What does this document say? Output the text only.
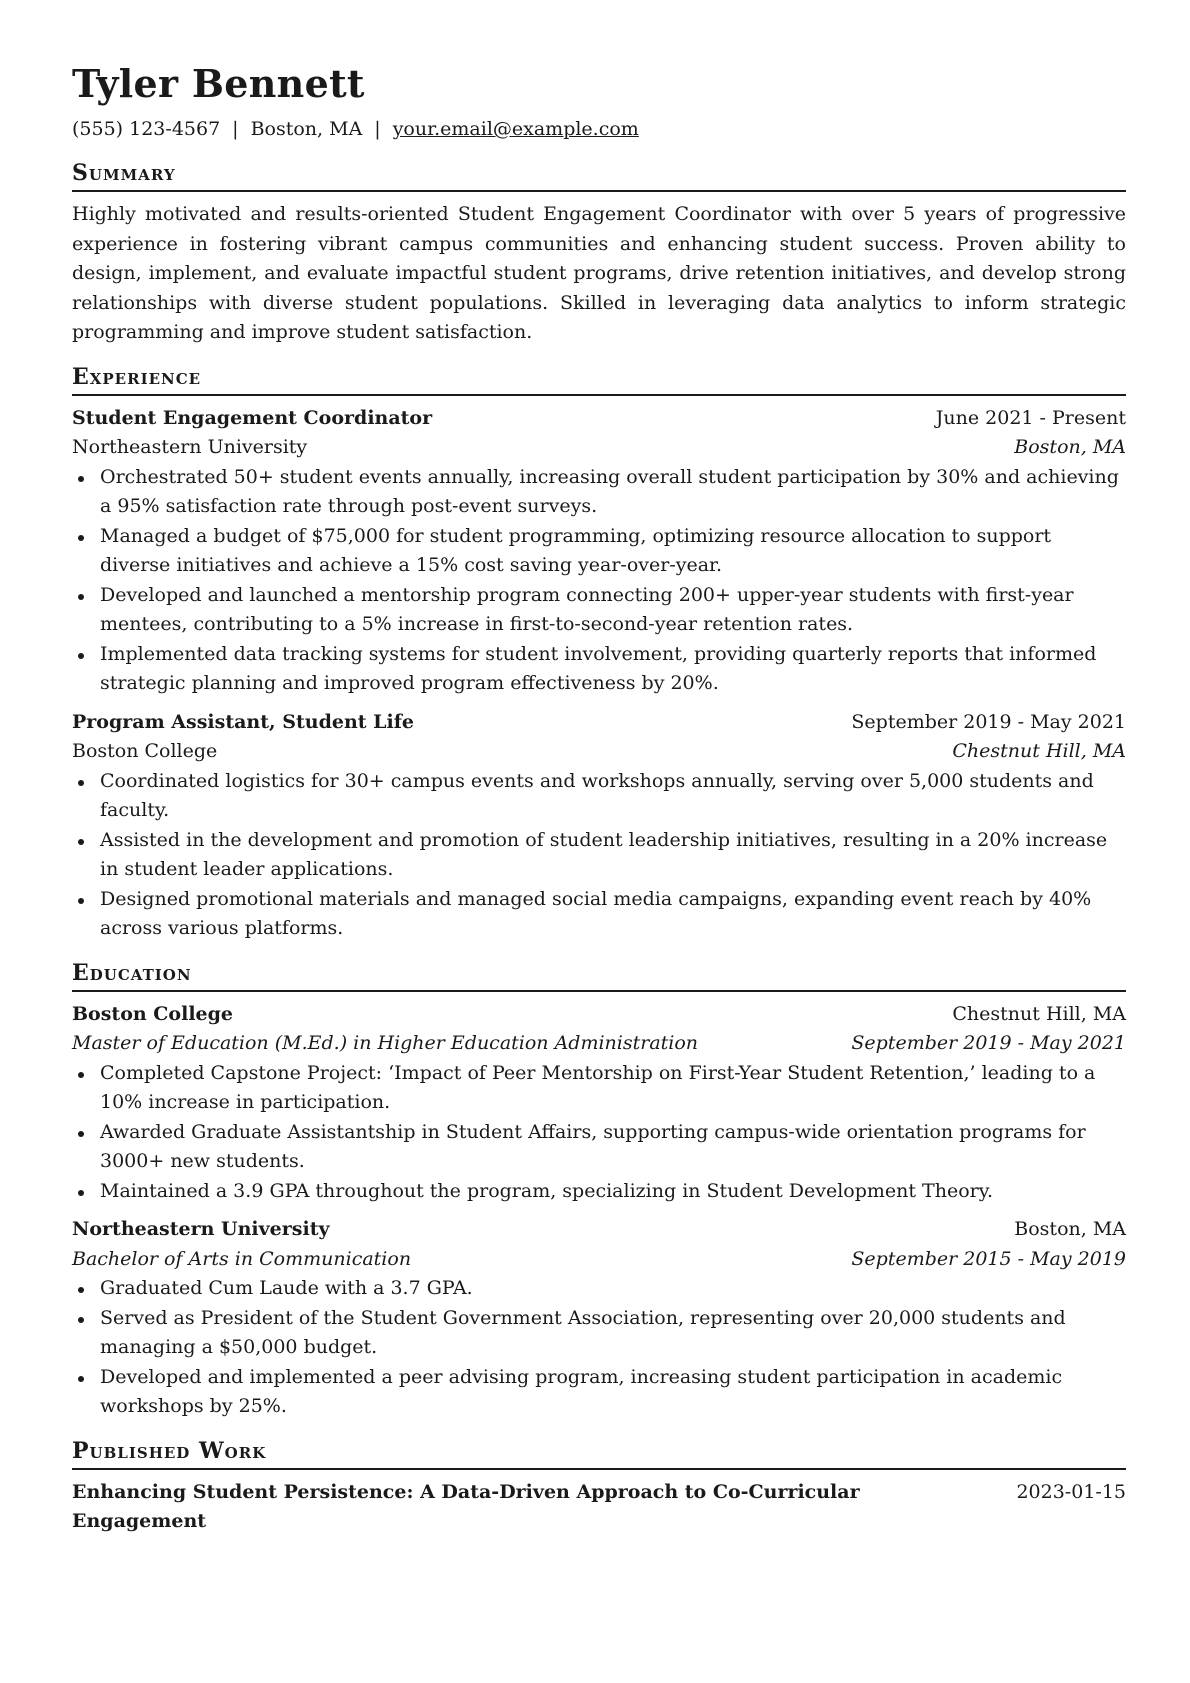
Tyler Bennett
(555) 123-4567 | Boston, MA | your.email@example.com
Summary

Highly motivated and results-oriented Student Engagement Coordinator with over 5 years of progressive experience in fostering vibrant campus communities and enhancing student success. Proven ability to design, implement, and evaluate impactful student programs, drive retention initiatives, and develop strong relationships with diverse student populations. Skilled in leveraging data analytics to inform strategic programming and improve student satisfaction.

Experience
Student Engagement Coordinator	June 2021 - Present
Northeastern University	Boston, MA
Orchestrated 50+ student events annually, increasing overall student participation by 30% and achieving a 95% satisfaction rate through post-event surveys.
Managed a budget of $75,000 for student programming, optimizing resource allocation to support diverse initiatives and achieve a 15% cost saving year-over-year.
Developed and launched a mentorship program connecting 200+ upper-year students with first-year mentees, contributing to a 5% increase in first-to-second-year retention rates.
Implemented data tracking systems for student involvement, providing quarterly reports that informed strategic planning and improved program effectiveness by 20%.
Program Assistant, Student Life	September 2019 - May 2021
Boston College	Chestnut Hill, MA
Coordinated logistics for 30+ campus events and workshops annually, serving over 5,000 students and faculty.
Assisted in the development and promotion of student leadership initiatives, resulting in a 20% increase in student leader applications.
Designed promotional materials and managed social media campaigns, expanding event reach by 40% across various platforms.
Education
Boston College	Chestnut Hill, MA
Master of Education (M.Ed.) in Higher Education Administration	September 2019 - May 2021
Completed Capstone Project: ‘Impact of Peer Mentorship on First-Year Student Retention,’ leading to a 10% increase in participation.
Awarded Graduate Assistantship in Student Affairs, supporting campus-wide orientation programs for 3000+ new students.
Maintained a 3.9 GPA throughout the program, specializing in Student Development Theory.
Northeastern University	Boston, MA
Bachelor of Arts in Communication	September 2015 - May 2019
Graduated Cum Laude with a 3.7 GPA.
Served as President of the Student Government Association, representing over 20,000 students and managing a $50,000 budget.
Developed and implemented a peer advising program, increasing student participation in academic workshops by 25%.
Published Work
Enhancing Student Persistence: A Data-Driven Approach to Co-Curricular Engagement
2023-01-15
